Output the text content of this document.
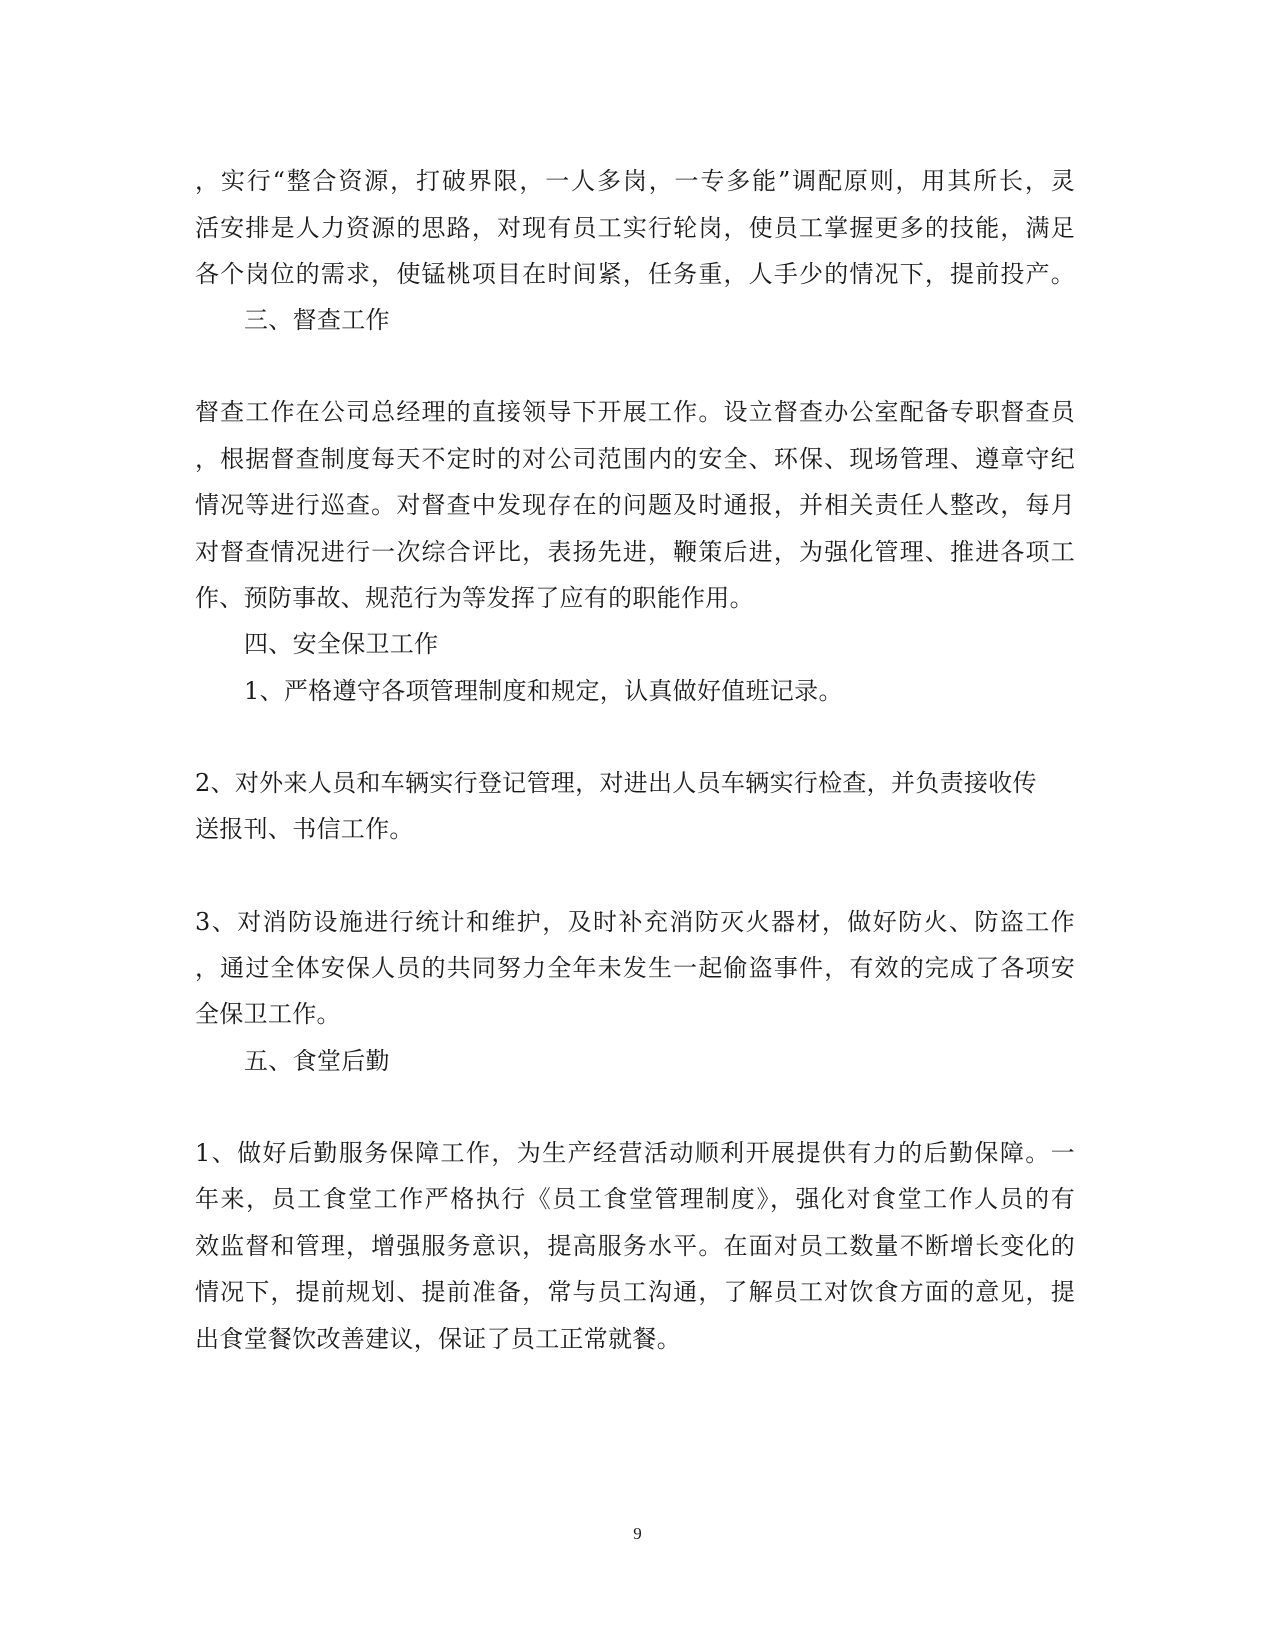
，实行“整合资源，打破界限，一人多岗，一专多能”调配原则，用其所长，灵
活安排是人力资源的思路，对现有员工实行轮岗，使员工掌握更多的技能，满足
各个岗位的需求，使锰桃项目在时间紧，任务重，人手少的情况下，提前投产。
三、督查工作
督查工作在公司总经理的直接领导下开展工作。设立督查办公室配备专职督查员
，根据督查制度每天不定时的对公司范围内的安全、环保、现场管理、遵章守纪
情况等进行巡查。对督查中发现存在的问题及时通报，并相关责任人整改，每月
对督查情况进行一次综合评比，表扬先进，鞭策后进，为强化管理、推进各项工
作、预防事故、规范行为等发挥了应有的职能作用。
四、安全保卫工作
1、严格遵守各项管理制度和规定，认真做好值班记录。
2、对外来人员和车辆实行登记管理，对进出人员车辆实行检查，并负责接收传
送报刊、书信工作。
3、对消防设施进行统计和维护，及时补充消防灭火器材，做好防火、防盗工作
，通过全体安保人员的共同努力全年未发生一起偷盗事件，有效的完成了各项安
全保卫工作。
五、食堂后勤
1、做好后勤服务保障工作，为生产经营活动顺利开展提供有力的后勤保障。一
年来，员工食堂工作严格执行《员工食堂管理制度》，强化对食堂工作人员的有
效监督和管理，增强服务意识，提高服务水平。在面对员工数量不断增长变化的
情况下，提前规划、提前准备，常与员工沟通，了解员工对饮食方面的意见，提
出食堂餐饮改善建议，保证了员工正常就餐。
9
